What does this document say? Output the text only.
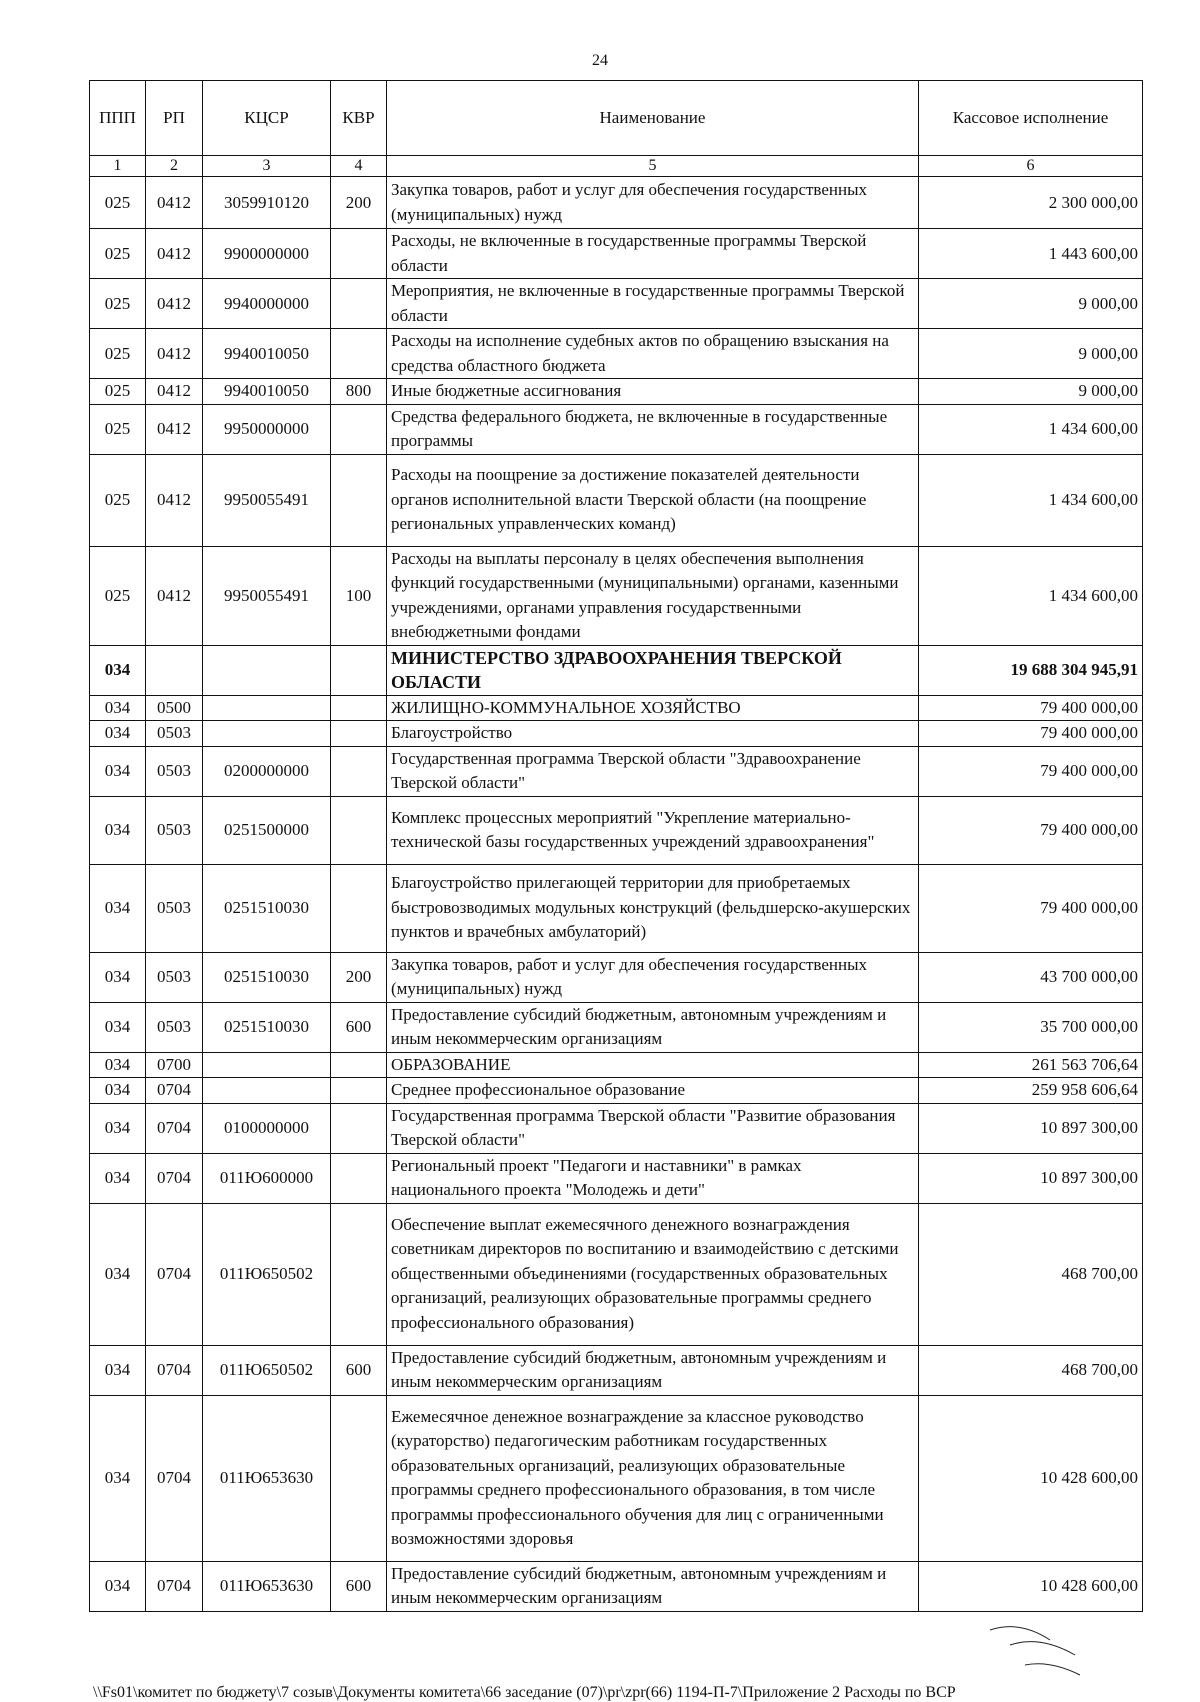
24
ППП	РП	КЦСР	КВР	Наименование	Кассовое исполнение
1	2	3	4	5	6
025	0412	3059910120	200	Закупка товаров, работ и услуг для обеспечения государственных (муниципальных) нужд	2 300 000,00
025	0412	9900000000		Расходы, не включенные в государственные программы Тверской области	1 443 600,00
025	0412	9940000000		Мероприятия, не включенные в государственные программы Тверской области	9 000,00
025	0412	9940010050		Расходы на исполнение судебных актов по обращению взыскания на средства областного бюджета	9 000,00
025	0412	9940010050	800	Иные бюджетные ассигнования	9 000,00
025	0412	9950000000		Средства федерального бюджета, не включенные в государственные программы	1 434 600,00
025	0412	9950055491		Расходы на поощрение за достижение показателей деятельности органов исполнительной власти Тверской области (на поощрение региональных управленческих команд)	1 434 600,00
025	0412	9950055491	100	Расходы на выплаты персоналу в целях обеспечения выполнения функций государственными (муниципальными) органами, казенными учреждениями, органами управления государственными внебюджетными фондами	1 434 600,00
034				МИНИСТЕРСТВО ЗДРАВООХРАНЕНИЯ ТВЕРСКОЙ ОБЛАСТИ	19 688 304 945,91
034	0500			ЖИЛИЩНО-КОММУНАЛЬНОЕ ХОЗЯЙСТВО	79 400 000,00
034	0503			Благоустройство	79 400 000,00
034	0503	0200000000		Государственная программа Тверской области "Здравоохранение Тверской области"	79 400 000,00
034	0503	0251500000		Комплекс процессных мероприятий "Укрепление материально-технической базы государственных учреждений здравоохранения"	79 400 000,00
034	0503	0251510030		Благоустройство прилегающей территории для приобретаемых быстровозводимых модульных конструкций (фельдшерско-акушерских пунктов и врачебных амбулаторий)	79 400 000,00
034	0503	0251510030	200	Закупка товаров, работ и услуг для обеспечения государственных (муниципальных) нужд	43 700 000,00
034	0503	0251510030	600	Предоставление субсидий бюджетным, автономным учреждениям и иным некоммерческим организациям	35 700 000,00
034	0700			ОБРАЗОВАНИЕ	261 563 706,64
034	0704			Среднее профессиональное образование	259 958 606,64
034	0704	0100000000		Государственная программа Тверской области "Развитие образования Тверской области"	10 897 300,00
034	0704	011Ю600000		Региональный проект "Педагоги и наставники" в рамках национального проекта "Молодежь и дети"	10 897 300,00
034	0704	011Ю650502		Обеспечение выплат ежемесячного денежного вознаграждения советникам директоров по воспитанию и взаимодействию с детскими общественными объединениями (государственных образовательных организаций, реализующих образовательные программы среднего профессионального образования)	468 700,00
034	0704	011Ю650502	600	Предоставление субсидий бюджетным, автономным учреждениям и иным некоммерческим организациям	468 700,00
034	0704	011Ю653630		Ежемесячное денежное вознаграждение за классное руководство (кураторство) педагогическим работникам государственных образовательных организаций, реализующих образовательные программы среднего профессионального образования, в том числе программы профессионального обучения для лиц с ограниченными возможностями здоровья	10 428 600,00
034	0704	011Ю653630	600	Предоставление субсидий бюджетным, автономным учреждениям и иным некоммерческим организациям	10 428 600,00
\\Fs01\комитет по бюджету\7 созыв\Документы комитета\66 заседание (07)\pr\zpr(66) 1194-П-7\Приложение 2 Расходы по ВСР
